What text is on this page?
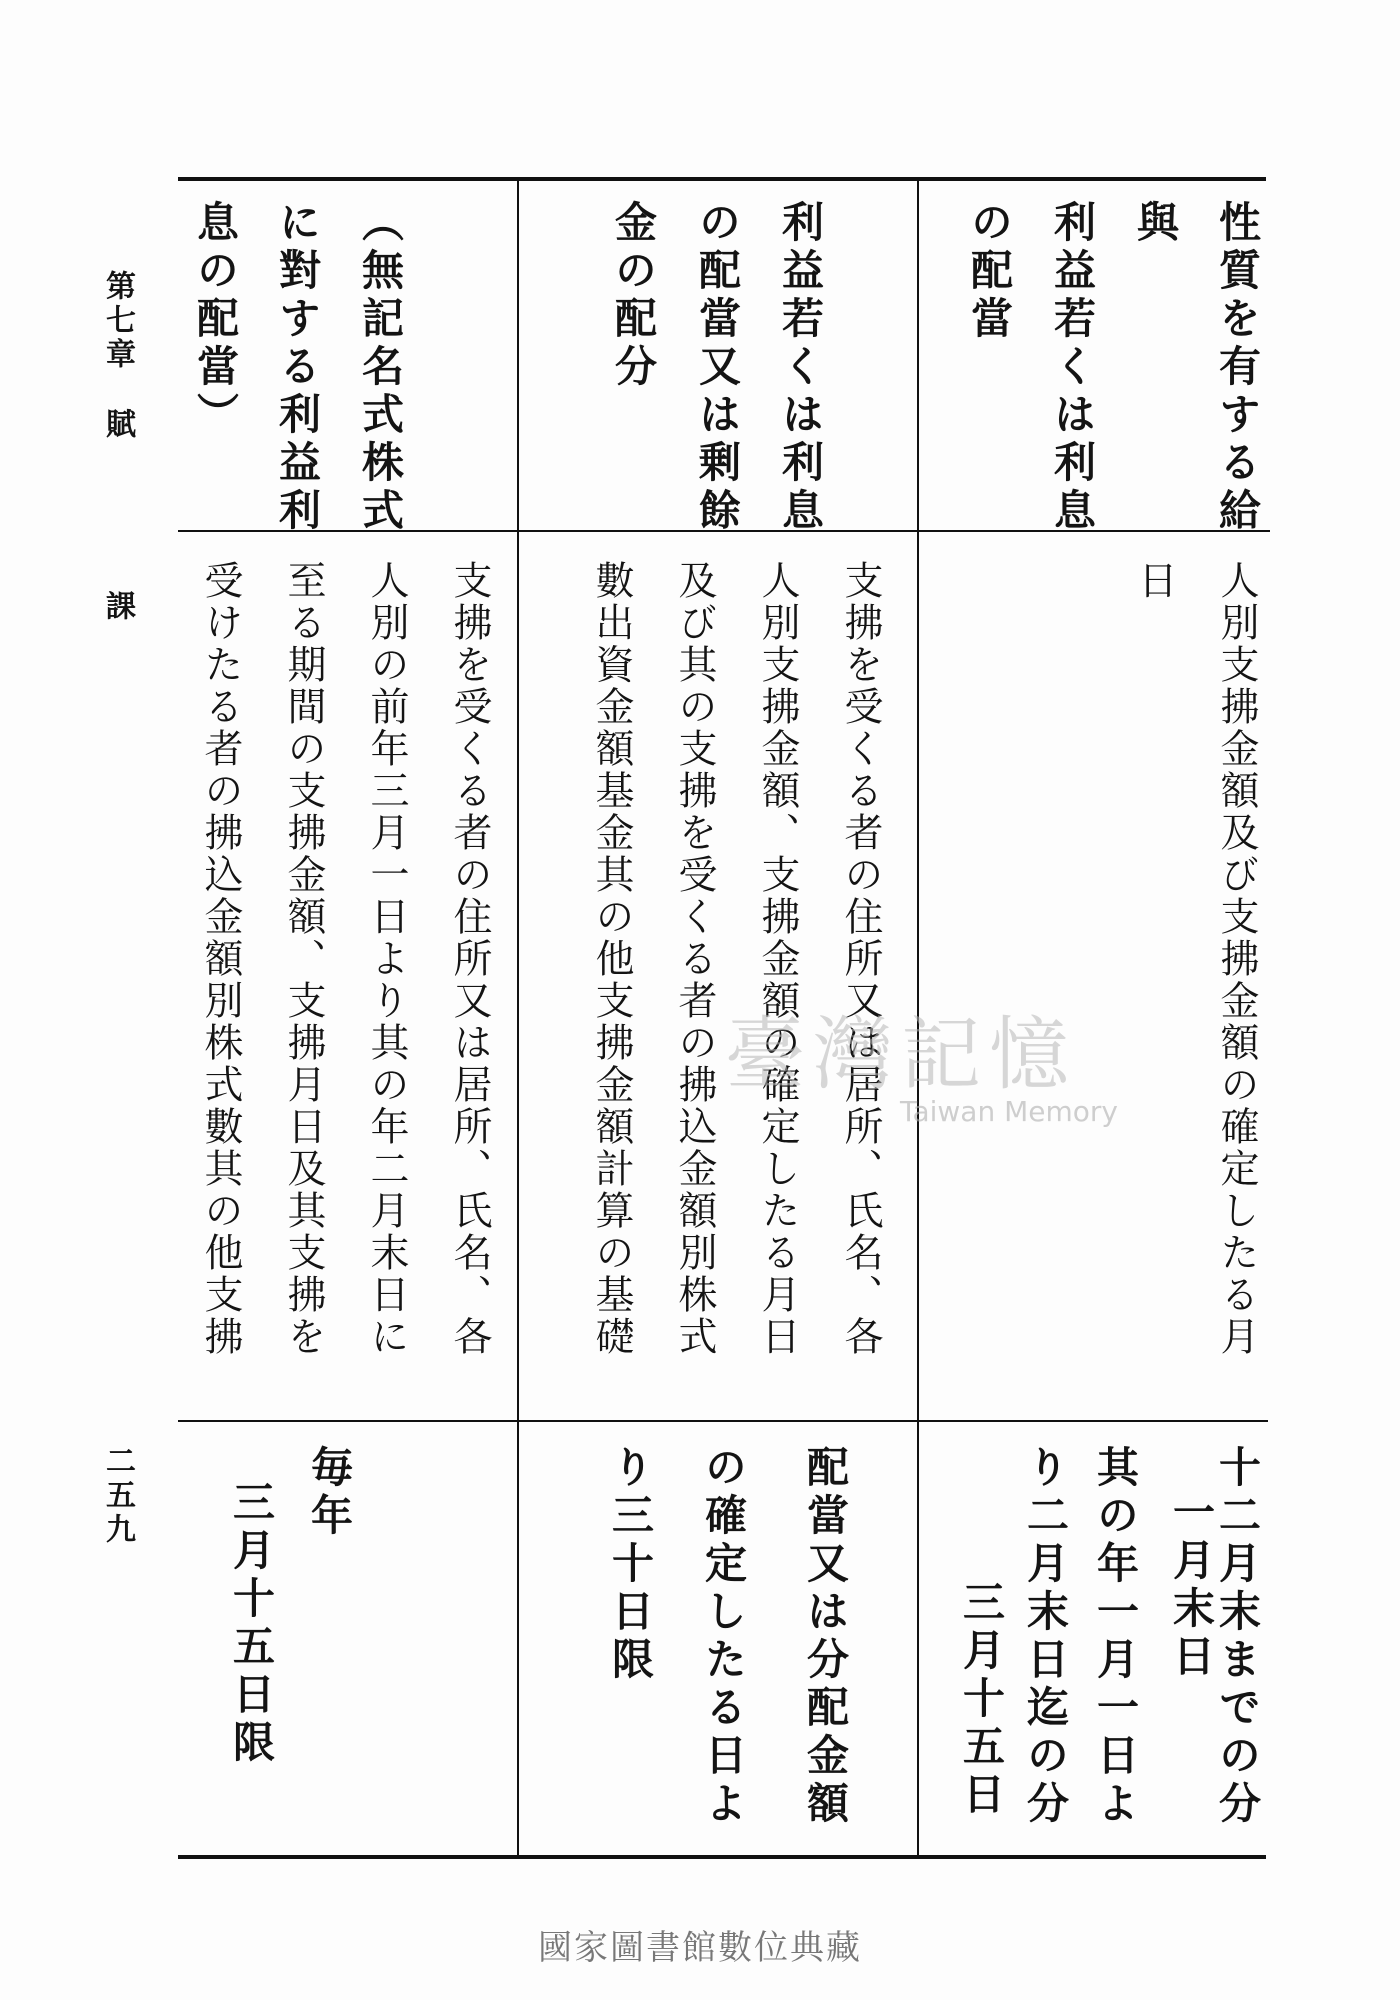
性質を有する給
與
利益若くは利息
の配當
人別支拂金額及び支拂金額の確定したる月
日
十二月末までの分
一月末日
其の年一月一日よ
り二月末日迄の分
三月十五日
利益若くは利息
の配當又は剰餘
金の配分
支拂を受くる者の住所又は居所、氏名、各
人別支拂金額、支拂金額の確定したる月日
及び其の支拂を受くる者の拂込金額別株式
數出資金額基金其の他支拂金額計算の基礎
配當又は分配金額
の確定したる日よ
り三十日限
（無記名式株式
に對する利益利
息の配當）
支拂を受くる者の住所又は居所、氏名、各
人別の前年三月一日より其の年二月末日に
至る期間の支拂金額、支拂月日及其支拂を
受けたる者の拂込金額別株式數其の他支拂
毎年
三月十五日限
第七章
賦
課
二五九
臺灣記憶
Taiwan Memory
國家圖書館數位典藏
